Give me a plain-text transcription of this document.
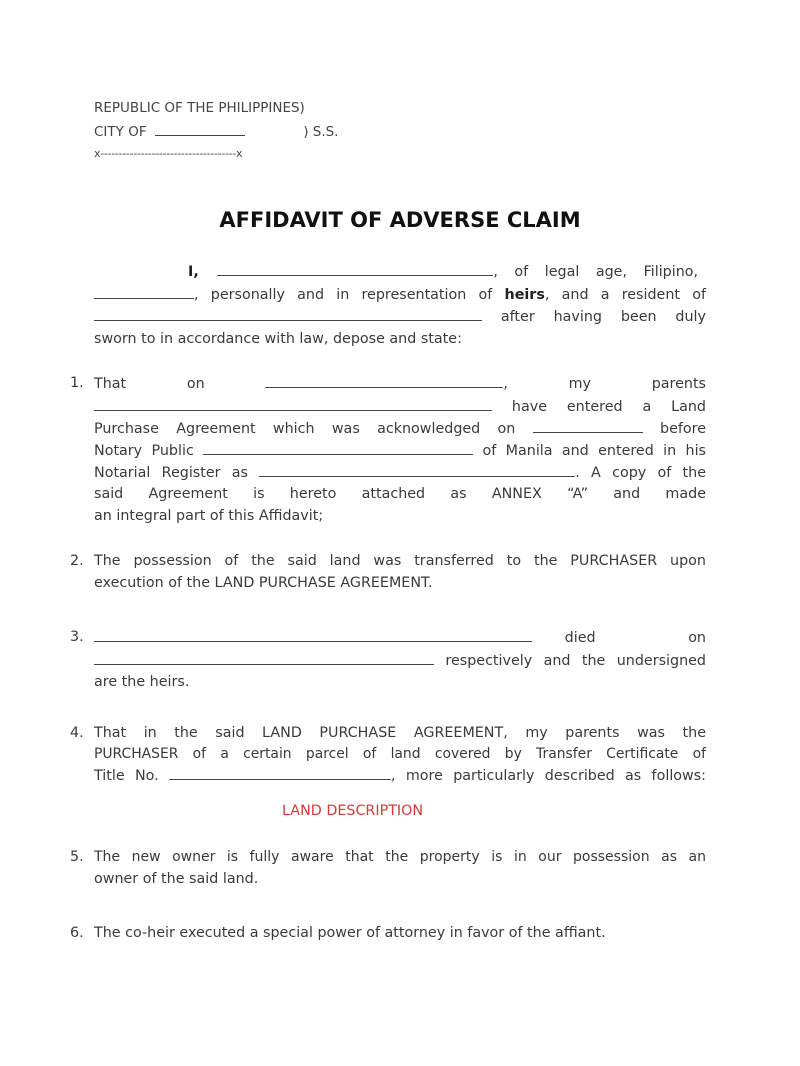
REPUBLIC OF THE PHILIPPINES)
CITY OF	) S.S.
x-------------------------------------x
AFFIDAVIT OF ADVERSE CLAIM
I,	, of legal age, Filipino,
, personally and in representation of heirs, and a resident of
after having been duly
sworn to in accordance with law, depose and state:
1. That on	, my parents
have entered a Land
Purchase Agreement which was acknowledged on	before
Notary Public	of Manila and entered in his
Notarial Register as	. A copy of the
said Agreement is hereto attached as ANNEX “A” and made
an integral part of this Affidavit;
2. The possession of the said land was transferred to the PURCHASER upon
execution of the LAND PURCHASE AGREEMENT.
3.	died on
respectively and the undersigned
are the heirs.
4. That in the said LAND PURCHASE AGREEMENT, my parents was the
PURCHASER of a certain parcel of land covered by Transfer Certificate of
Title No.	, more particularly described as follows:
LAND DESCRIPTION
5. The new owner is fully aware that the property is in our possession as an
owner of the said land.
6. The co-heir executed a special power of attorney in favor of the affiant.
